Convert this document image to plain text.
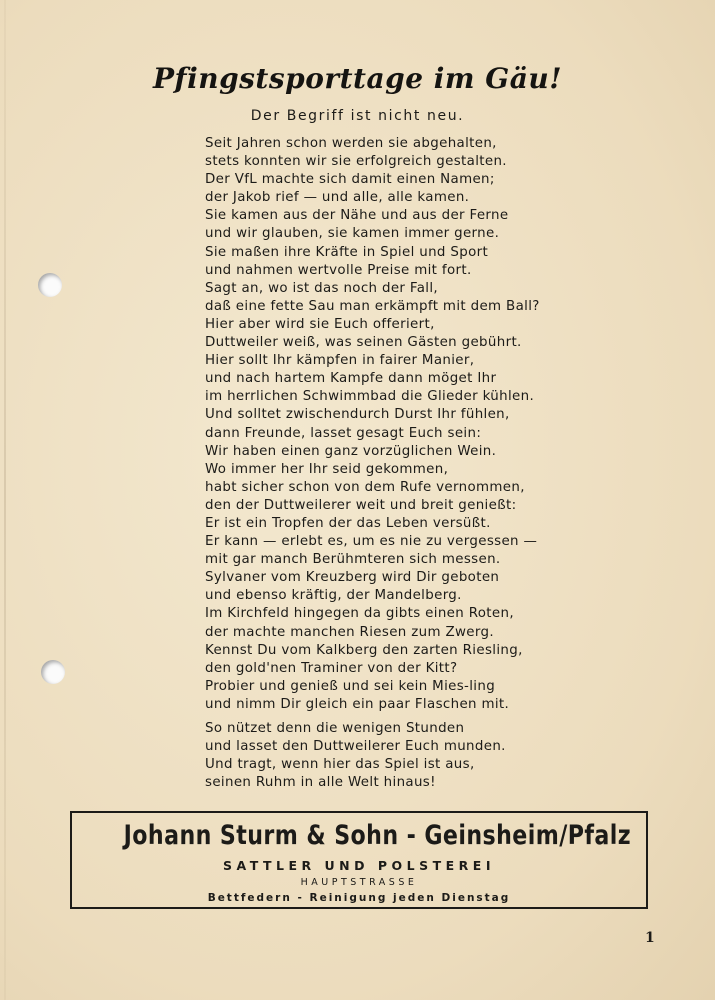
Pfingstsporttage im Gäu!
Der Begriff ist nicht neu.
Seit Jahren schon werden sie abgehalten,
stets konnten wir sie erfolgreich gestalten.
Der VfL machte sich damit einen Namen;
der Jakob rief — und alle, alle kamen.
Sie kamen aus der Nähe und aus der Ferne
und wir glauben, sie kamen immer gerne.
Sie maßen ihre Kräfte in Spiel und Sport
und nahmen wertvolle Preise mit fort.
Sagt an, wo ist das noch der Fall,
daß eine fette Sau man erkämpft mit dem Ball?
Hier aber wird sie Euch offeriert,
Duttweiler weiß, was seinen Gästen gebührt.
Hier sollt Ihr kämpfen in fairer Manier,
und nach hartem Kampfe dann möget Ihr
im herrlichen Schwimmbad die Glieder kühlen.
Und solltet zwischendurch Durst Ihr fühlen,
dann Freunde, lasset gesagt Euch sein:
Wir haben einen ganz vorzüglichen Wein.
Wo immer her Ihr seid gekommen,
habt sicher schon von dem Rufe vernommen,
den der Duttweilerer weit und breit genießt:
Er ist ein Tropfen der das Leben versüßt.
Er kann — erlebt es, um es nie zu vergessen —
mit gar manch Berühmteren sich messen.
Sylvaner vom Kreuzberg wird Dir geboten
und ebenso kräftig, der Mandelberg.
Im Kirchfeld hingegen da gibts einen Roten,
der machte manchen Riesen zum Zwerg.
Kennst Du vom Kalkberg den zarten Riesling,
den gold'nen Traminer von der Kitt?
Probier und genieß und sei kein Mies-ling
und nimm Dir gleich ein paar Flaschen mit.
So nützet denn die wenigen Stunden
und lasset den Duttweilerer Euch munden.
Und tragt, wenn hier das Spiel ist aus,
seinen Ruhm in alle Welt hinaus!
Johann Sturm & Sohn - Geinsheim/Pfalz
SATTLER UND POLSTEREI
HAUPTSTRASSE
Bettfedern - Reinigung jeden Dienstag
1
